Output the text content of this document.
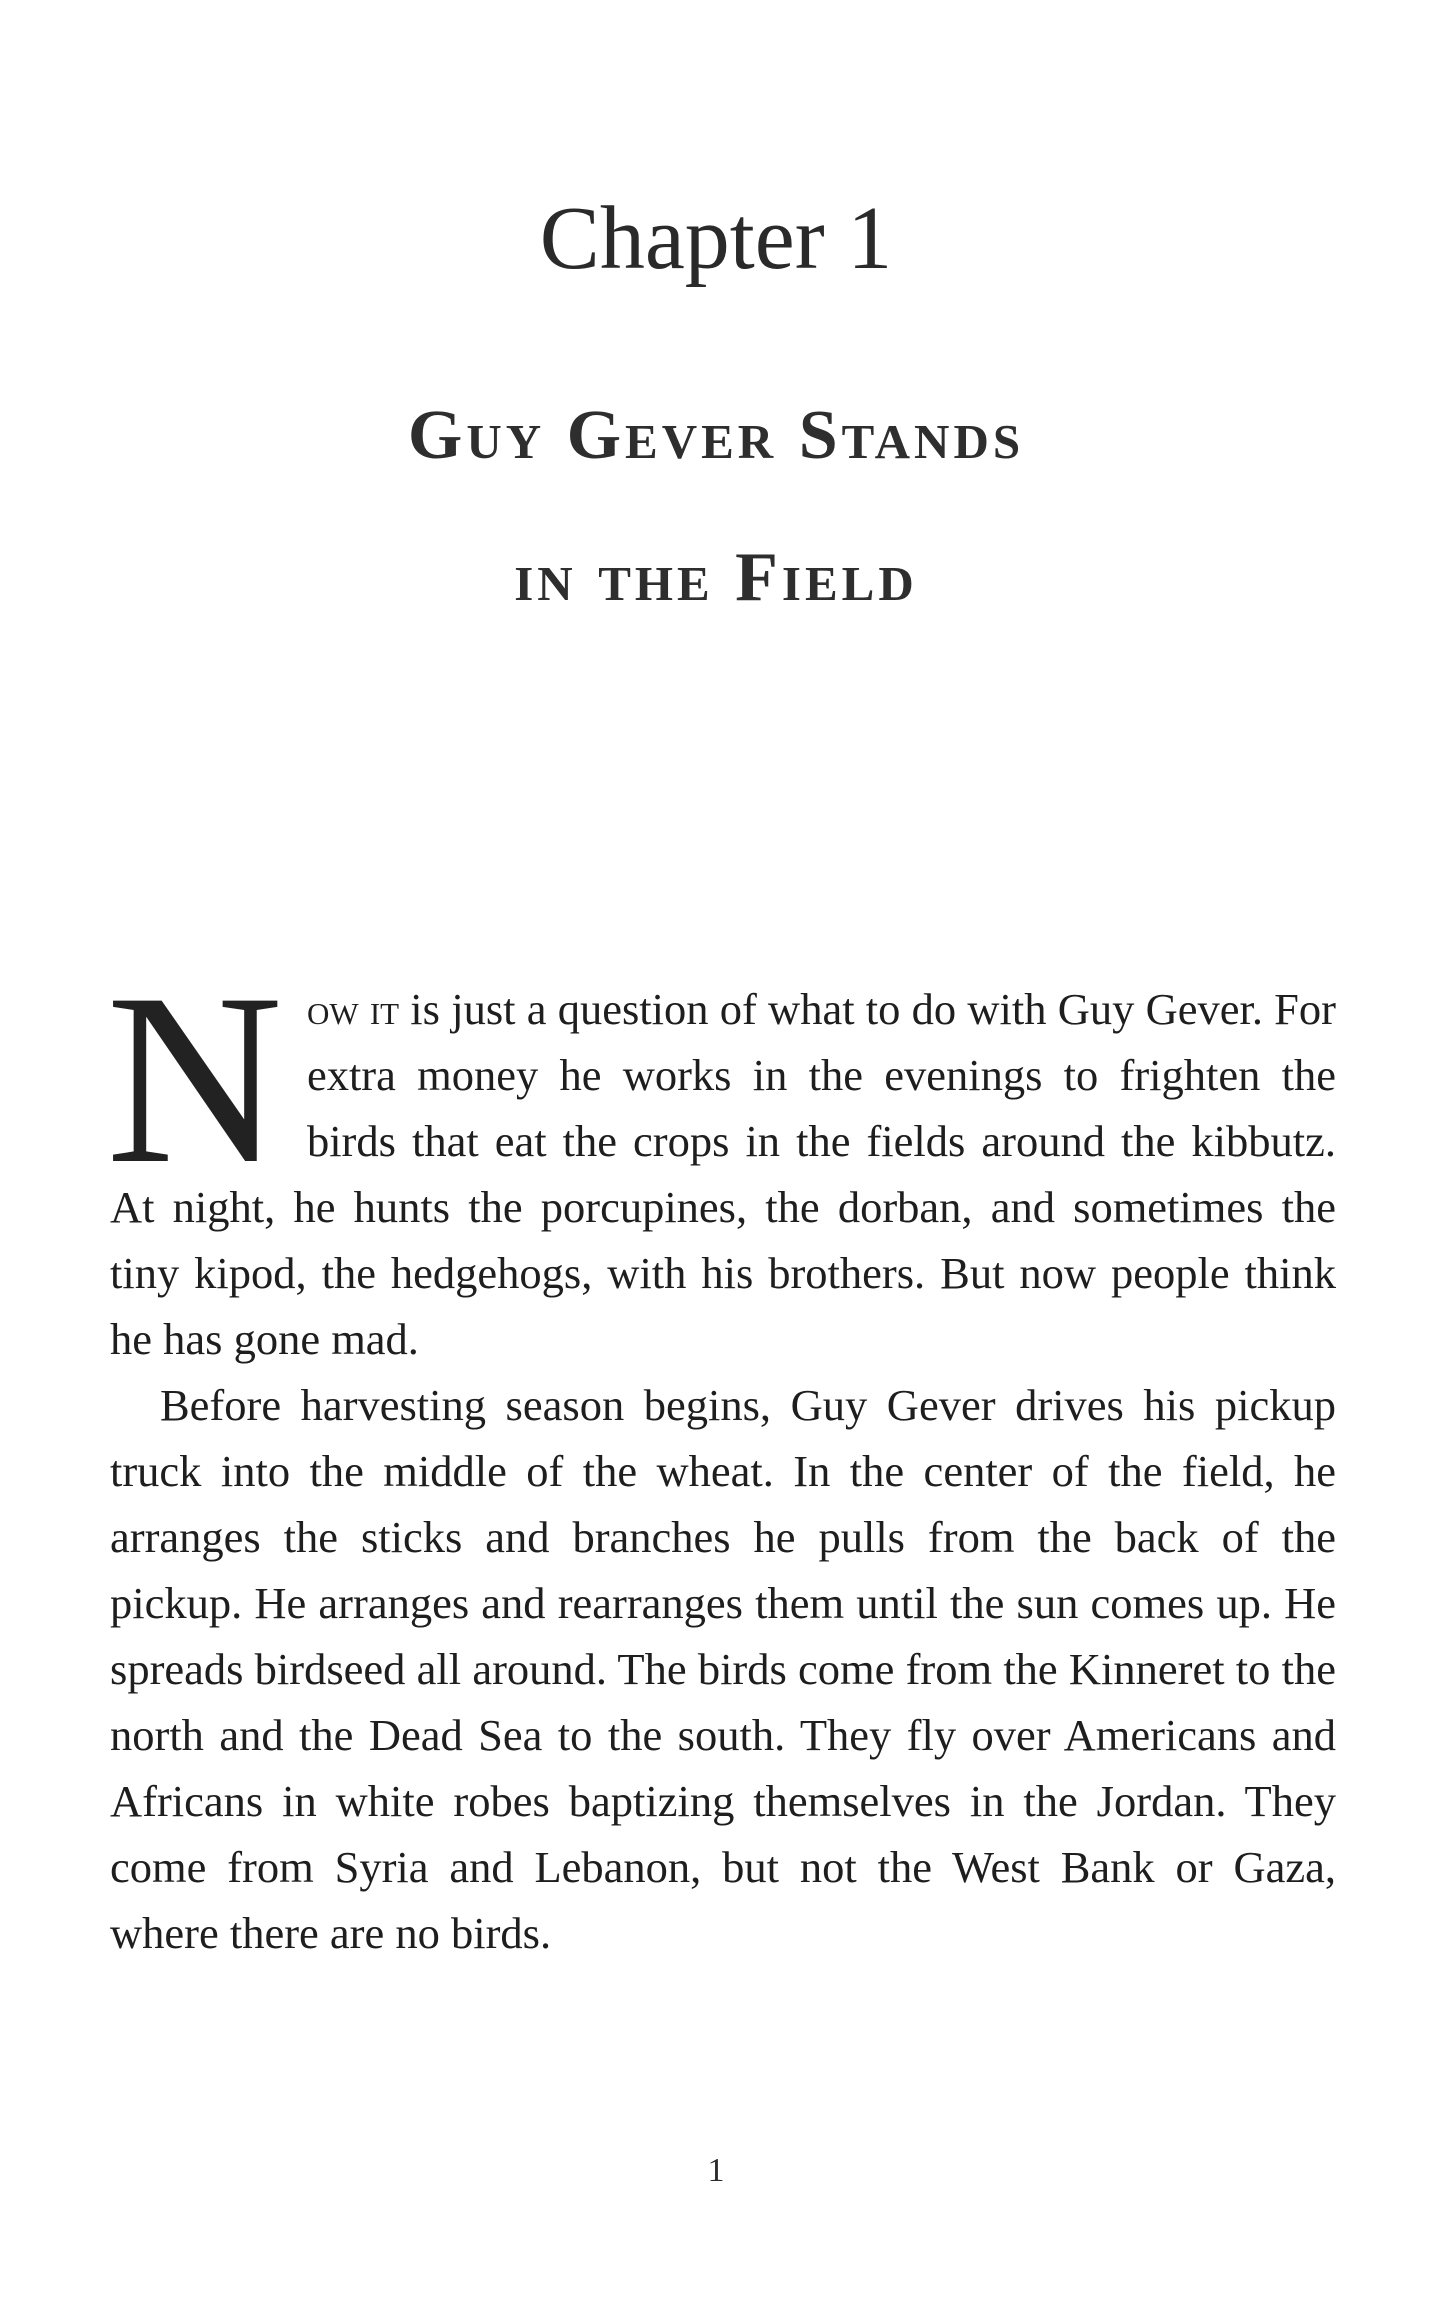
Chapter 1
Guy Gever Stands
in the Field

Now it is just a question of what to do with Guy Gever. For extra money he works in the evenings to frighten the birds that eat the crops in the fields around the kibbutz. At night, he hunts the porcupines, the dorban, and sometimes the tiny kipod, the hedgehogs, with his brothers. But now people think he has gone mad.

Before harvesting season begins, Guy Gever drives his pickup truck into the middle of the wheat. In the center of the field, he arranges the sticks and branches he pulls from the back of the pickup. He arranges and rearranges them until the sun comes up. He spreads birdseed all around. The birds come from the Kinneret to the north and the Dead Sea to the south. They fly over Americans and Africans in white robes baptizing themselves in the Jordan. They come from Syria and Lebanon, but not the West Bank or Gaza, where there are no birds.

1
